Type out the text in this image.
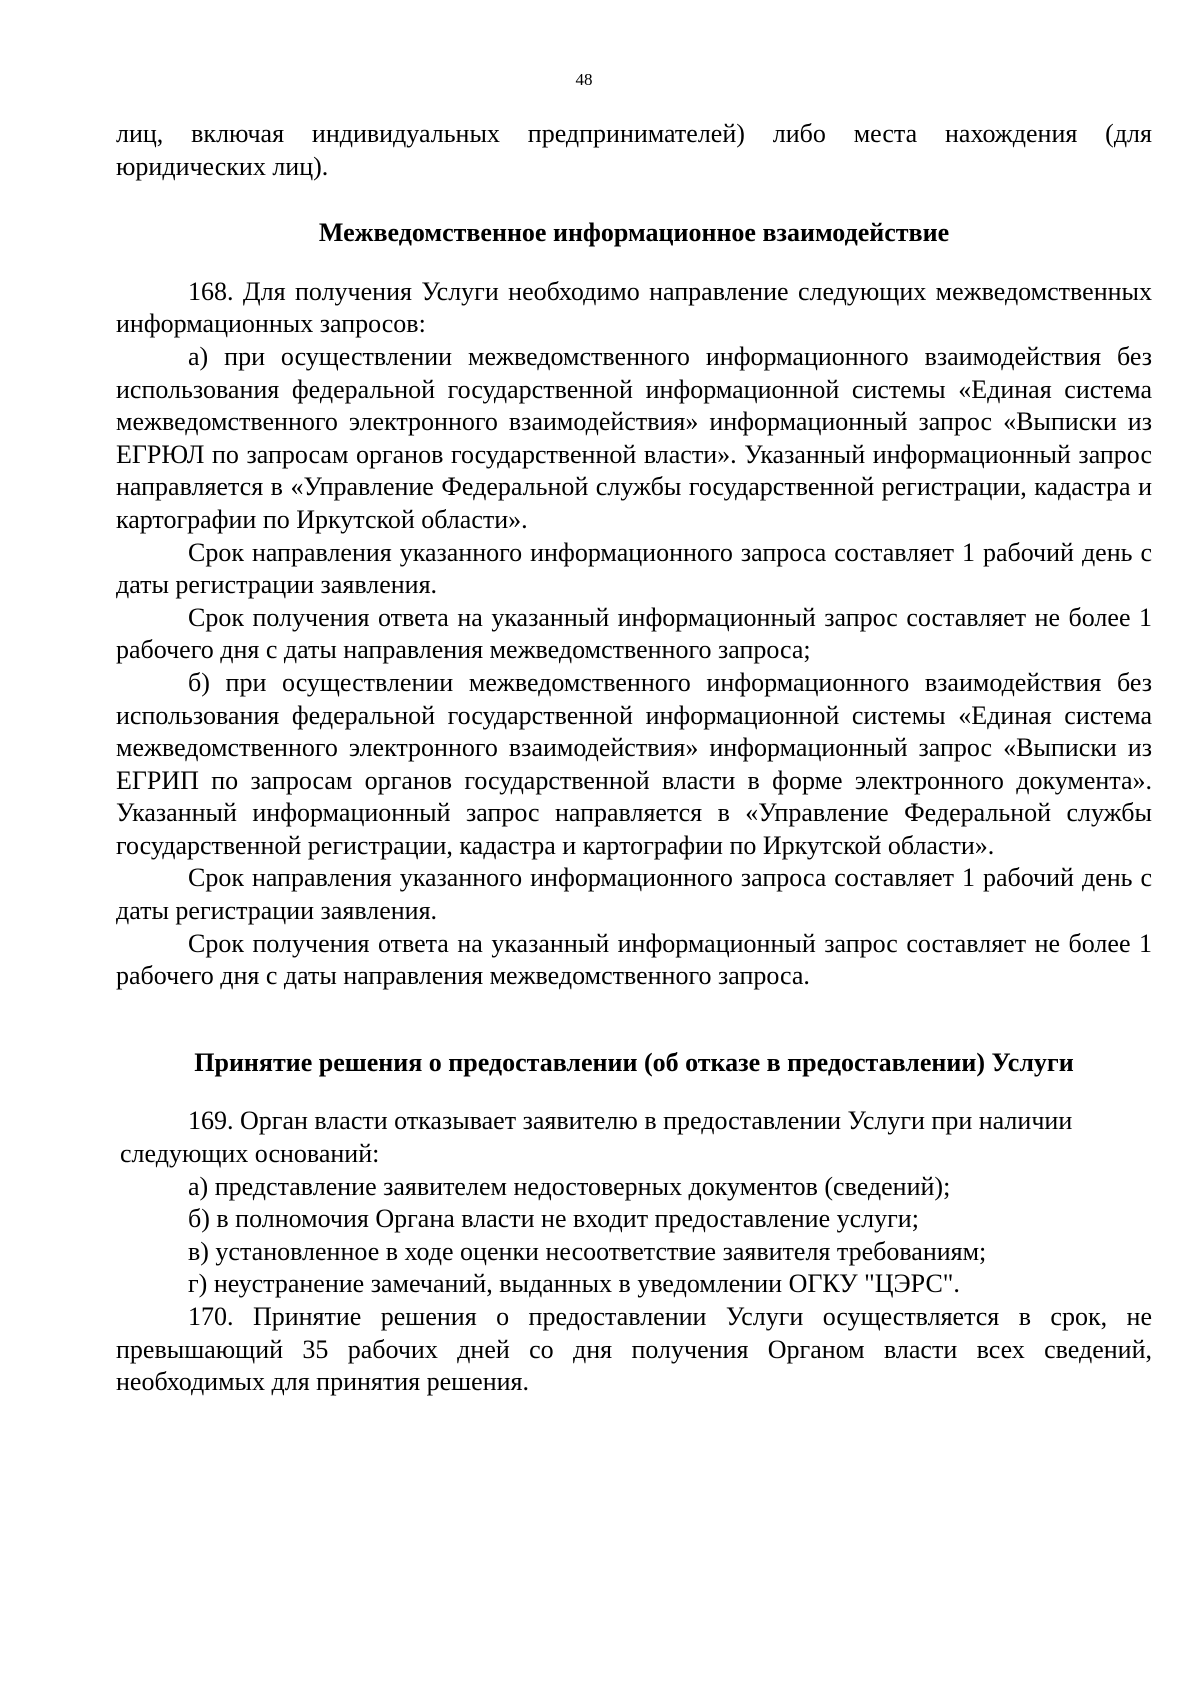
48

лиц, включая индивидуальных предпринимателей) либо места нахождения (для юридических лиц).

Межведомственное информационное взаимодействие

168. Для получения Услуги необходимо направление следующих межведомственных информационных запросов:

а) при осуществлении межведомственного информационного взаимодействия без использования федеральной государственной информационной системы «Единая система межведомственного электронного взаимодействия» информационный запрос «Выписки из ЕГРЮЛ по запросам органов государственной власти». Указанный информационный запрос направляется в «Управление Федеральной службы государственной регистрации, кадастра и картографии по Иркутской области».

Срок направления указанного информационного запроса составляет 1 рабочий день с даты регистрации заявления.

Срок получения ответа на указанный информационный запрос составляет не более 1 рабочего дня с даты направления межведомственного запроса;

б) при осуществлении межведомственного информационного взаимодействия без использования федеральной государственной информационной системы «Единая система межведомственного электронного взаимодействия» информационный запрос «Выписки из ЕГРИП по запросам органов государственной власти в форме электронного документа». Указанный информационный запрос направляется в «Управление Федеральной службы государственной регистрации, кадастра и картографии по Иркутской области».

Срок направления указанного информационного запроса составляет 1 рабочий день с даты регистрации заявления.

Срок получения ответа на указанный информационный запрос составляет не более 1 рабочего дня с даты направления межведомственного запроса.

Принятие решения о предоставлении (об отказе в предоставлении) Услуги

169. Орган власти отказывает заявителю в предоставлении Услуги при наличии

следующих оснований:

а) представление заявителем недостоверных документов (сведений);

б) в полномочия Органа власти не входит предоставление услуги;

в) установленное в ходе оценки несоответствие заявителя требованиям;

г) неустранение замечаний, выданных в уведомлении ОГКУ "ЦЭРС".

170. Принятие решения о предоставлении Услуги осуществляется в срок, не превышающий 35 рабочих дней со дня получения Органом власти всех сведений, необходимых для принятия решения.
